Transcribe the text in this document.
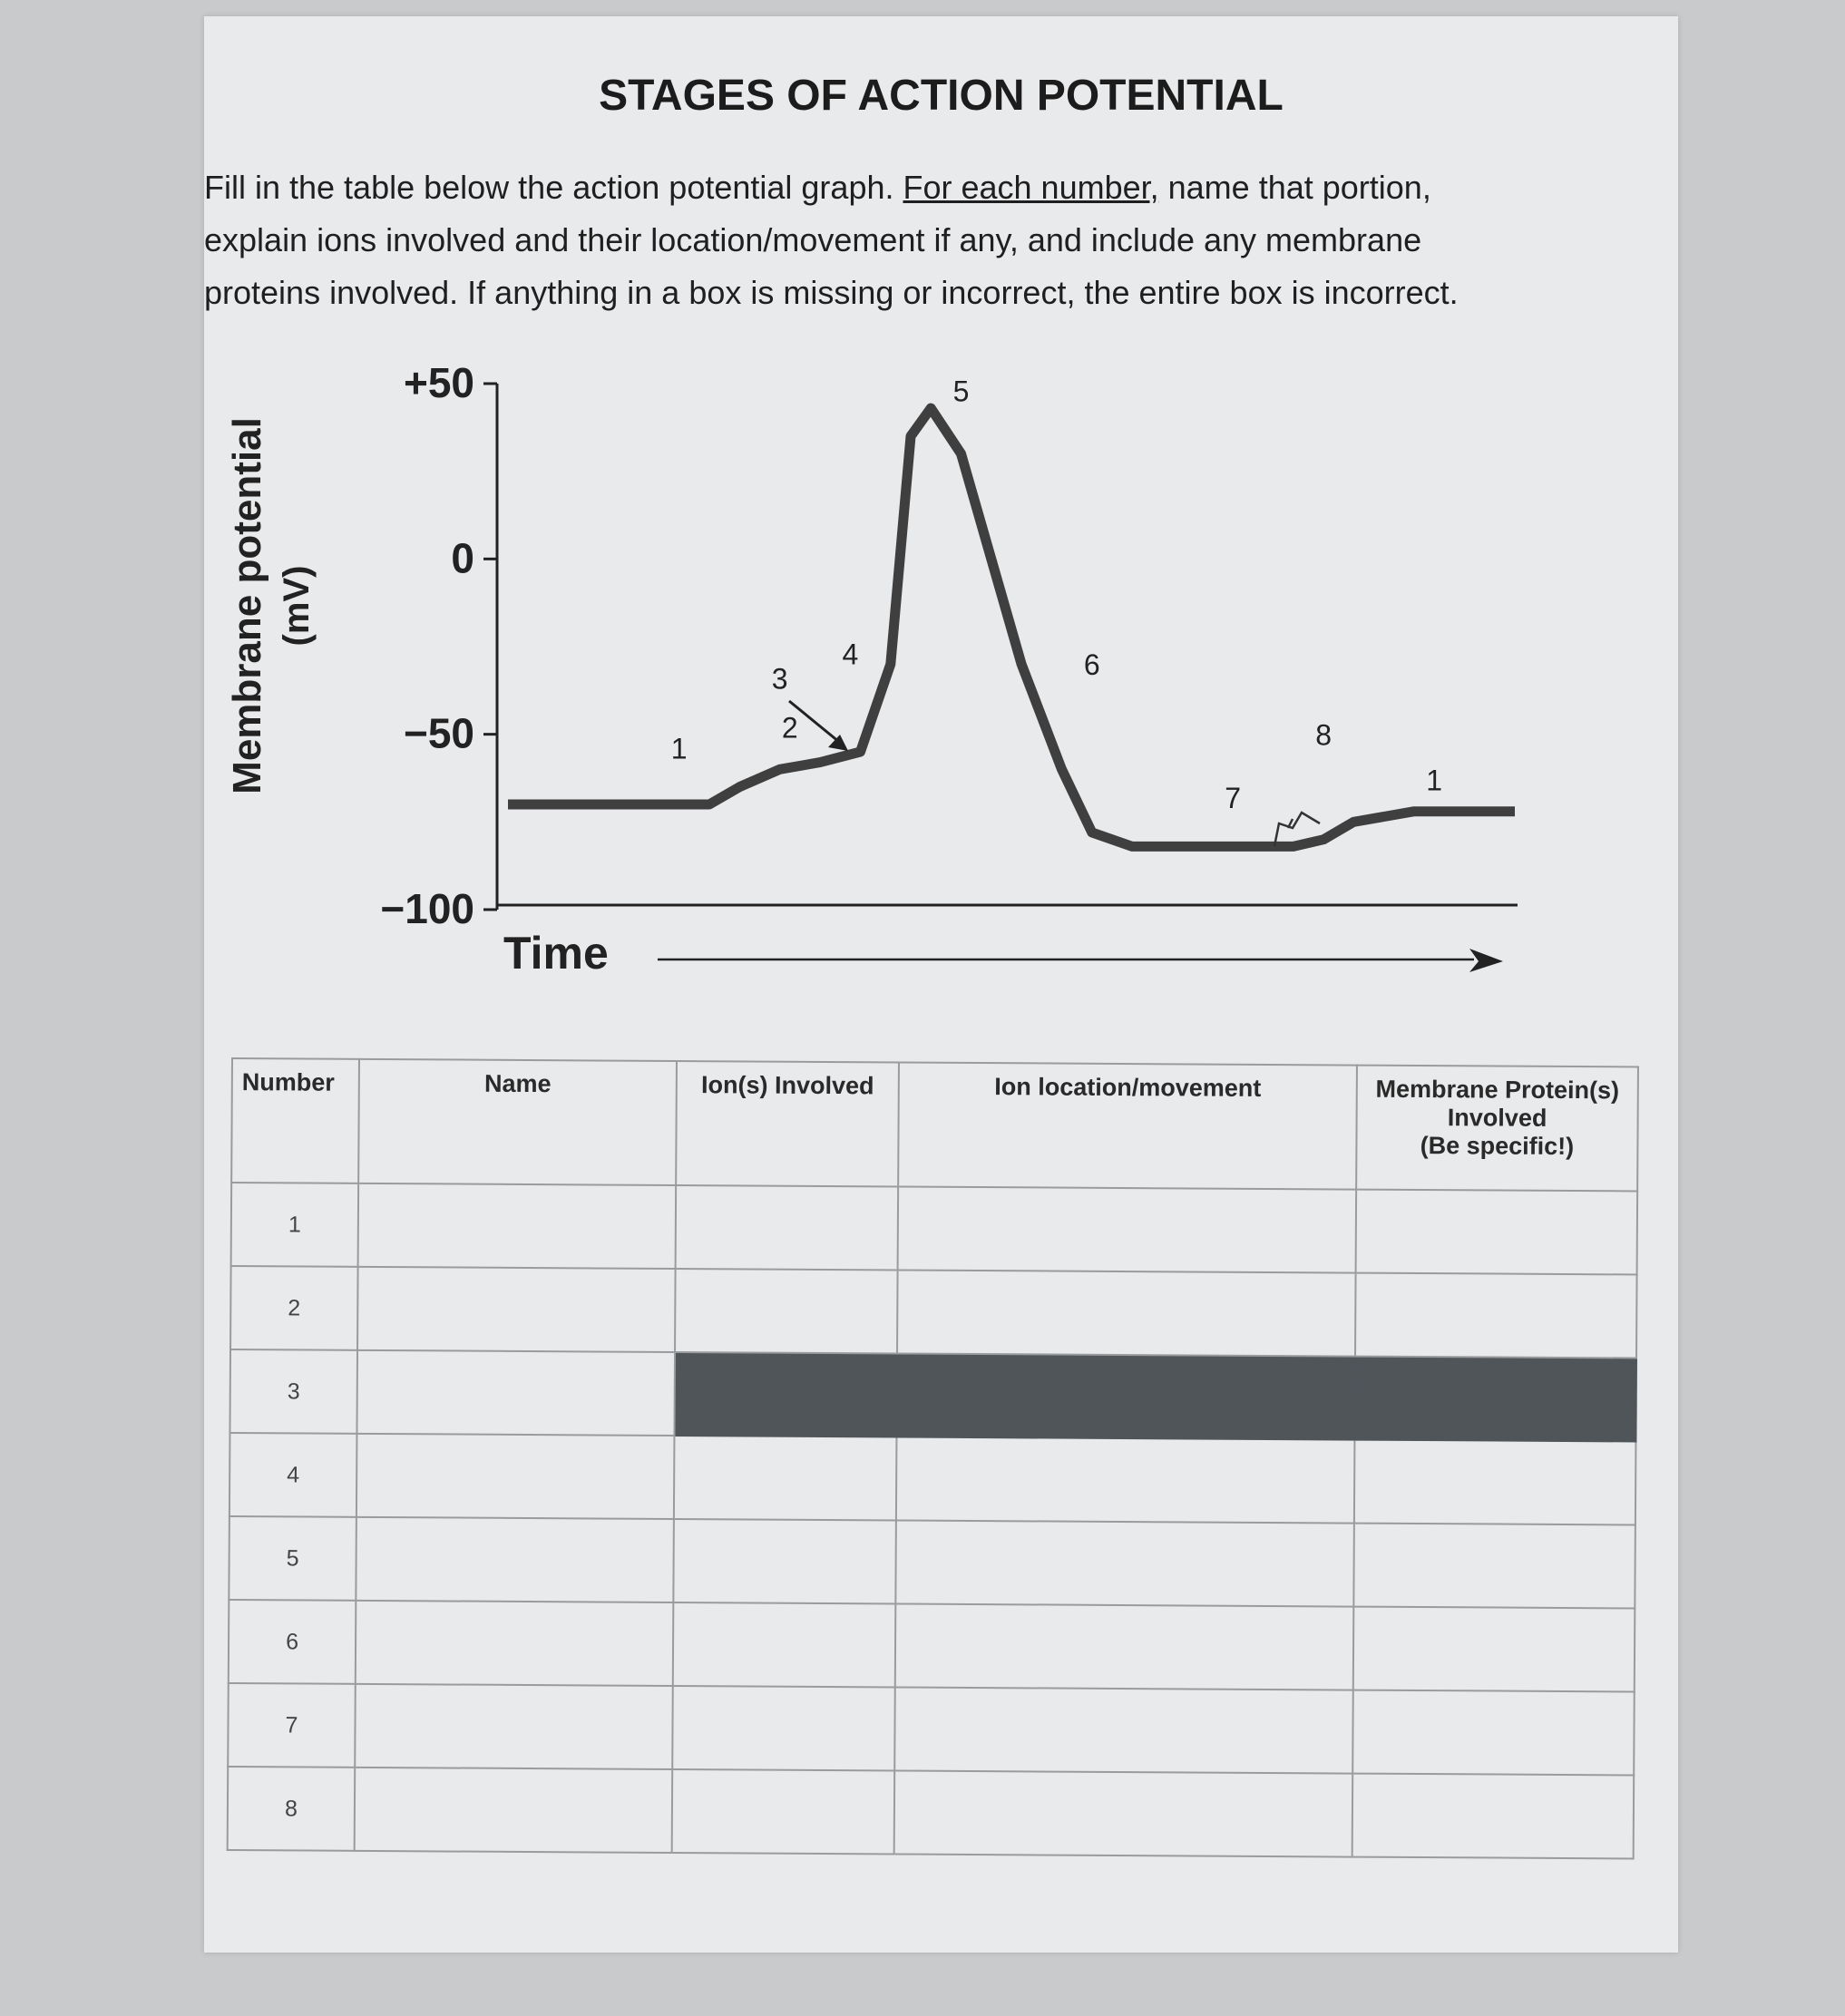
STAGES OF ACTION POTENTIAL
Fill in the table below the action potential graph. For each number, name that portion, explain ions involved and their location/movement if any, and include any membrane proteins involved. If anything in a box is missing or incorrect, the entire box is incorrect.
Membrane potential (mV)
+50
0
−50
−100
Time
1
2
3
4
5
6
7
8
1
Number	Name	Ion(s) Involved	Ion location/movement	Membrane Protein(s)
Involved
(Be specific!)

1				
2				
3				
4				
5				
6				
7				
8				
